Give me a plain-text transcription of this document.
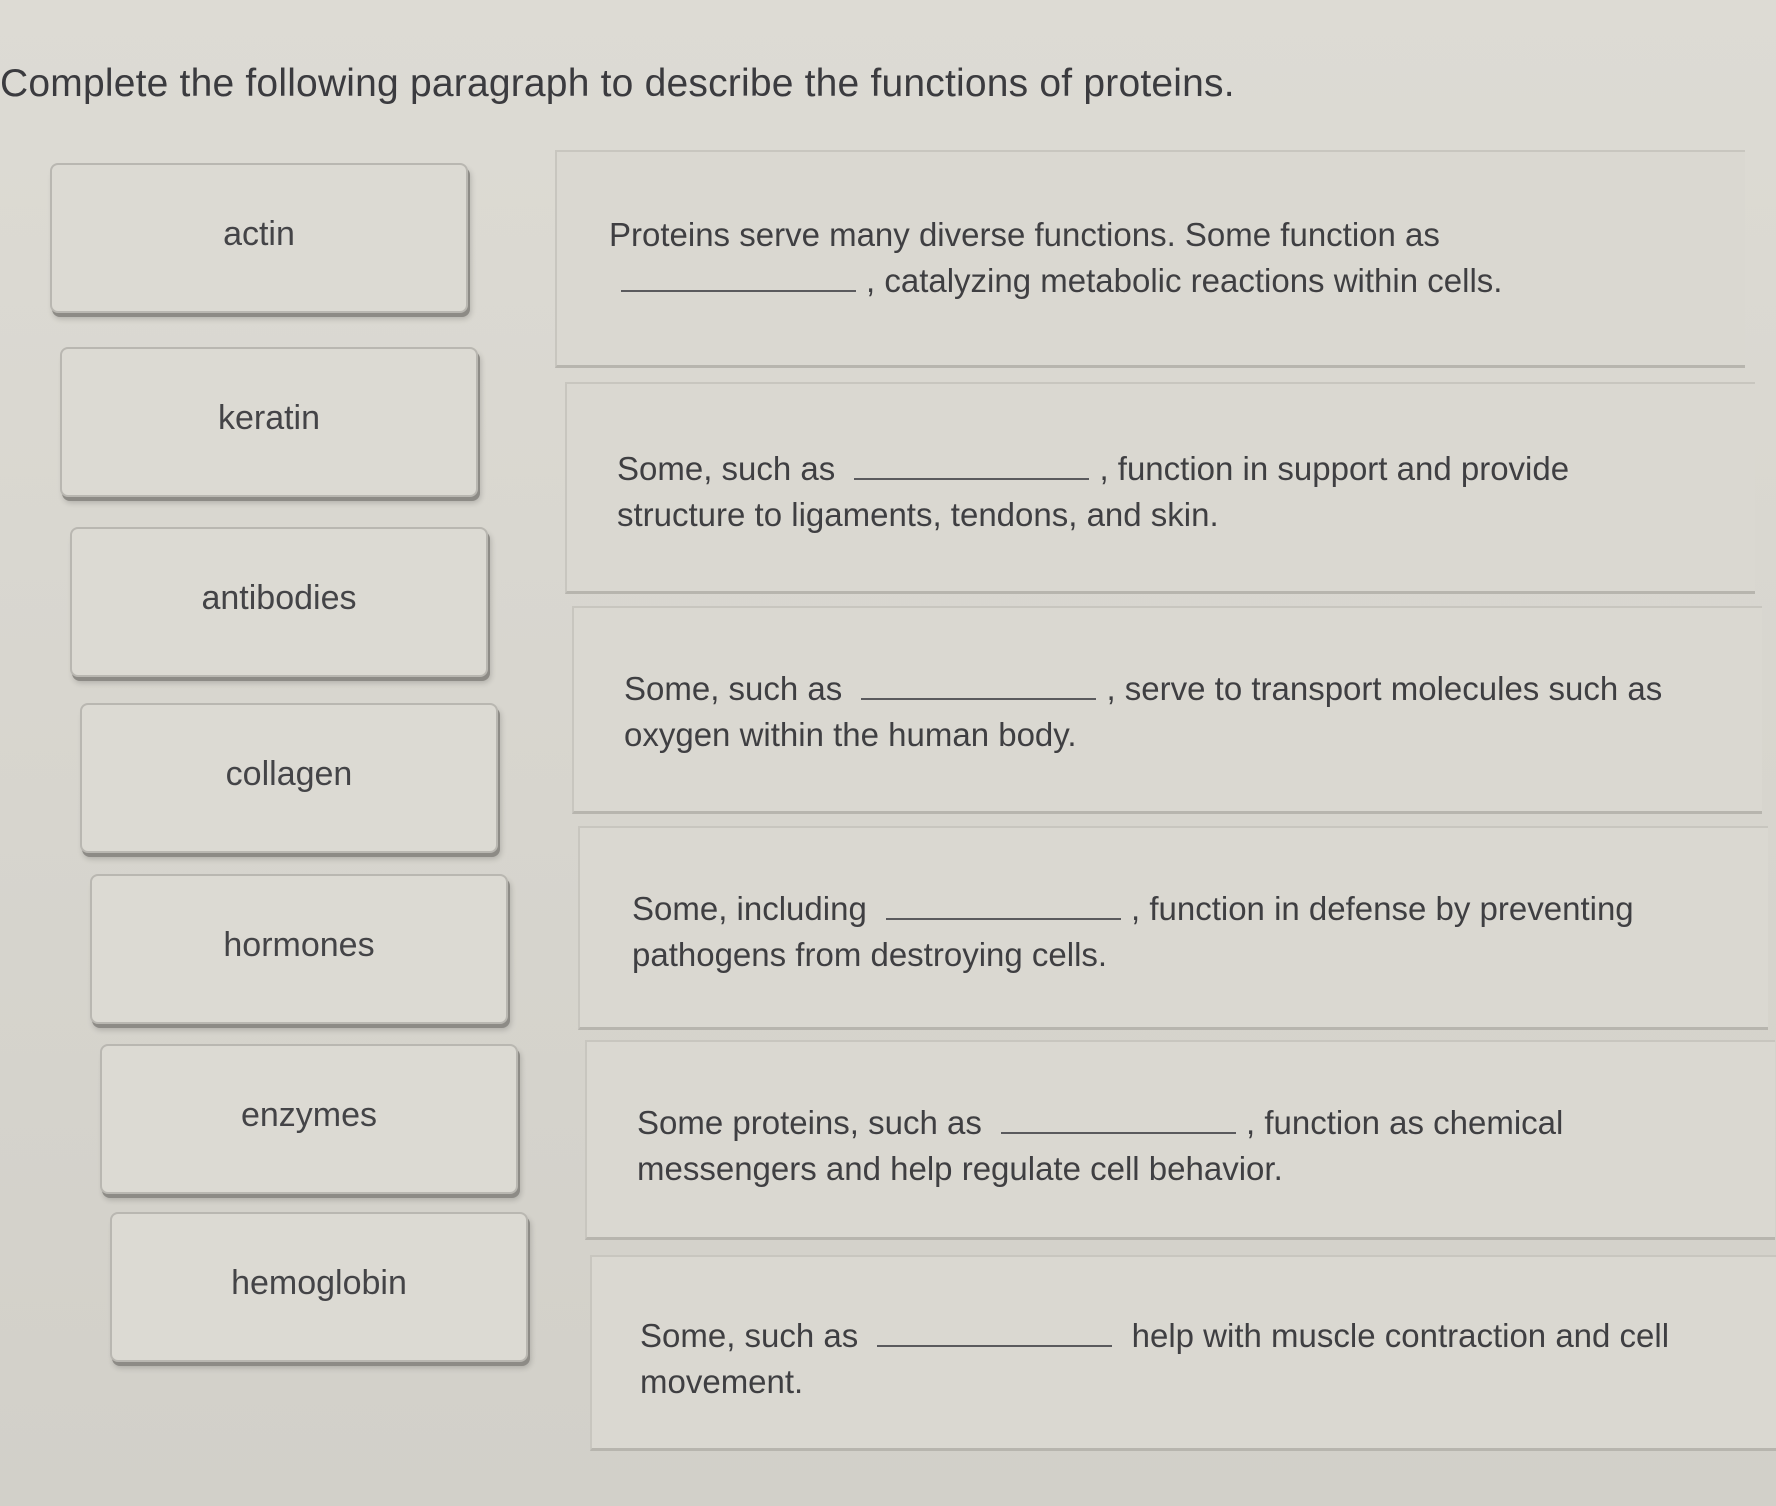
Complete the following paragraph to describe the functions of proteins.
actin
keratin
antibodies
collagen
hormones
enzymes
hemoglobin
Proteins serve many diverse functions. Some function as
, catalyzing metabolic reactions within cells.
Some, such as	, function in support and provide structure to ligaments, tendons, and skin.
Some, such as	, serve to transport molecules such as oxygen within the human body.
Some, including	, function in defense by preventing pathogens from destroying cells.
Some proteins, such as	, function as chemical messengers and help regulate cell behavior.
Some, such as	help with muscle contraction and cell movement.
